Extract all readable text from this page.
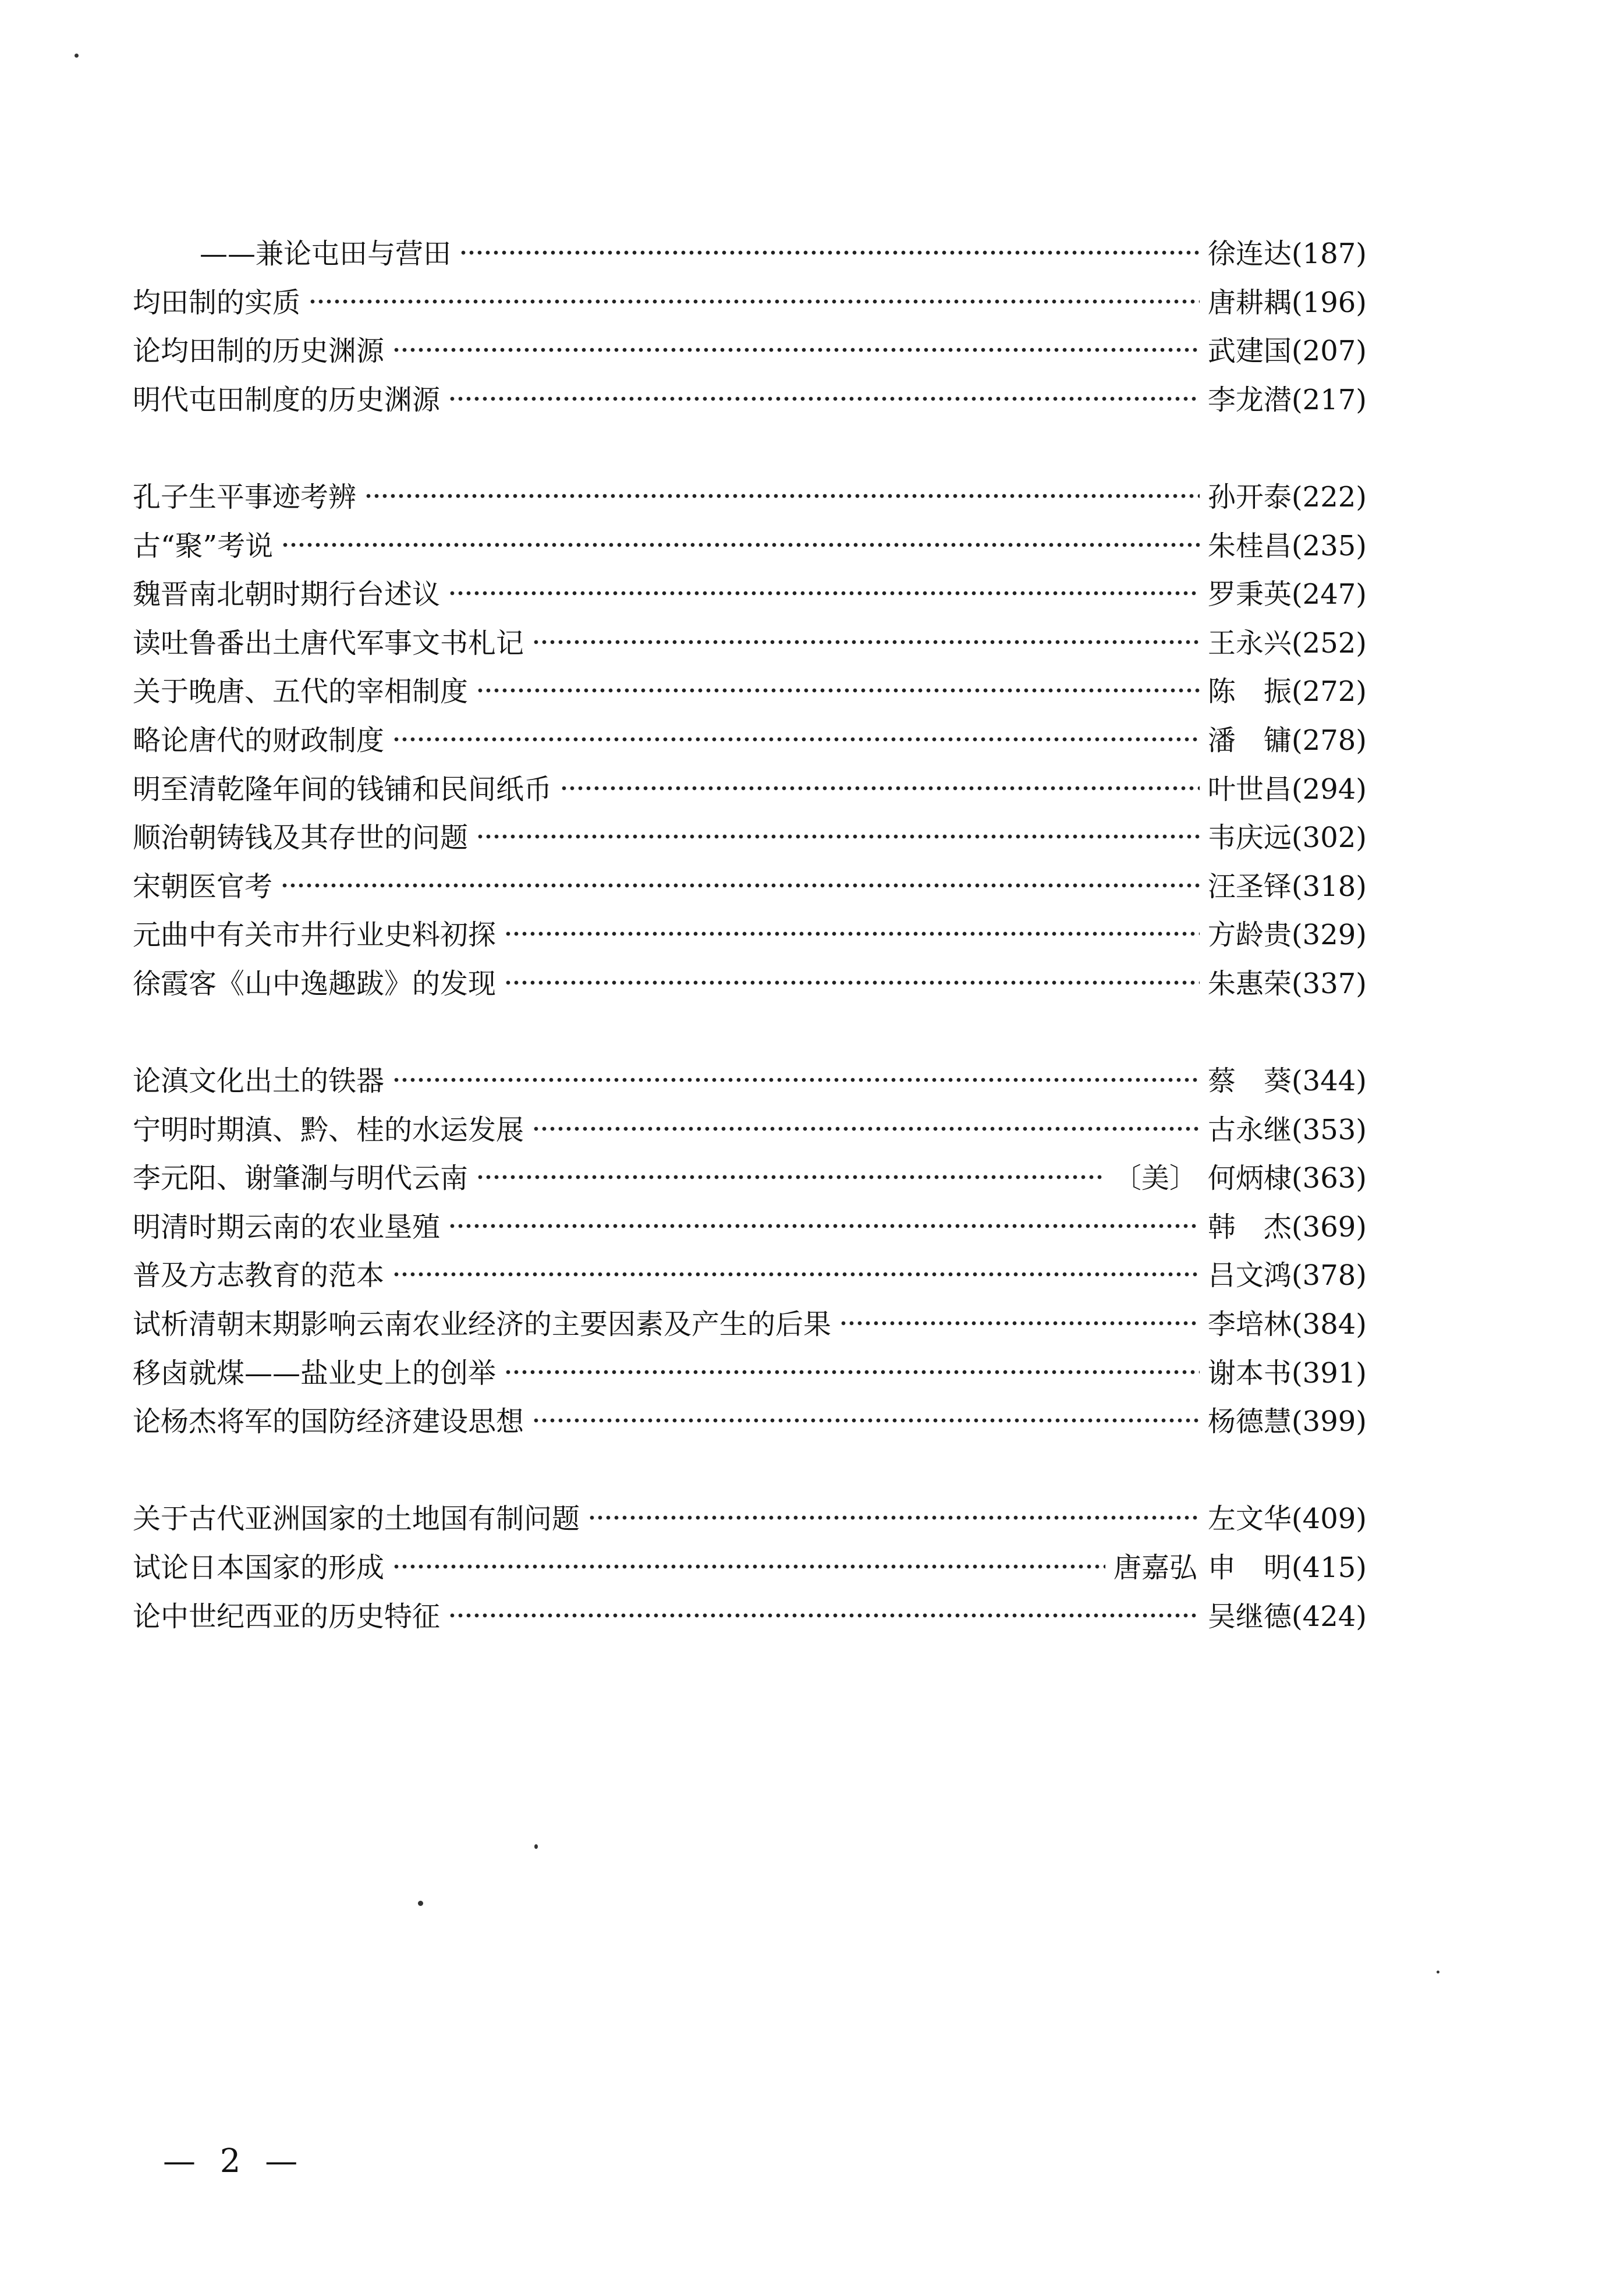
——兼论屯田与营田	徐连达(187)
均田制的实质	唐耕耦(196)
论均田制的历史渊源	武建国(207)
明代屯田制度的历史渊源	李龙潜(217)
孔子生平事迹考辨	孙开泰(222)
古“聚”考说	朱桂昌(235)
魏晋南北朝时期行台述议	罗秉英(247)
读吐鲁番出土唐代军事文书札记	王永兴(252)
关于晚唐、五代的宰相制度	陈　振(272)
略论唐代的财政制度	潘　镛(278)
明至清乾隆年间的钱铺和民间纸币	叶世昌(294)
顺治朝铸钱及其存世的问题	韦庆远(302)
宋朝医官考	汪圣铎(318)
元曲中有关市井行业史料初探	方龄贵(329)
徐霞客《山中逸趣跋》的发现	朱惠荣(337)
论滇文化出土的铁器	蔡　葵(344)
宁明时期滇、黔、桂的水运发展	古永继(353)
李元阳、谢肇淛与明代云南	〔美〕 何炳棣(363)
明清时期云南的农业垦殖	韩　杰(369)
普及方志教育的范本	吕文鸿(378)
试析清朝末期影响云南农业经济的主要因素及产生的后果	李培林(384)
移卤就煤——盐业史上的创举	谢本书(391)
论杨杰将军的国防经济建设思想	杨德慧(399)
关于古代亚洲国家的土地国有制问题	左文华(409)
试论日本国家的形成	唐嘉弘 申　明(415)
论中世纪西亚的历史特征	吴继德(424)
— 2 —
